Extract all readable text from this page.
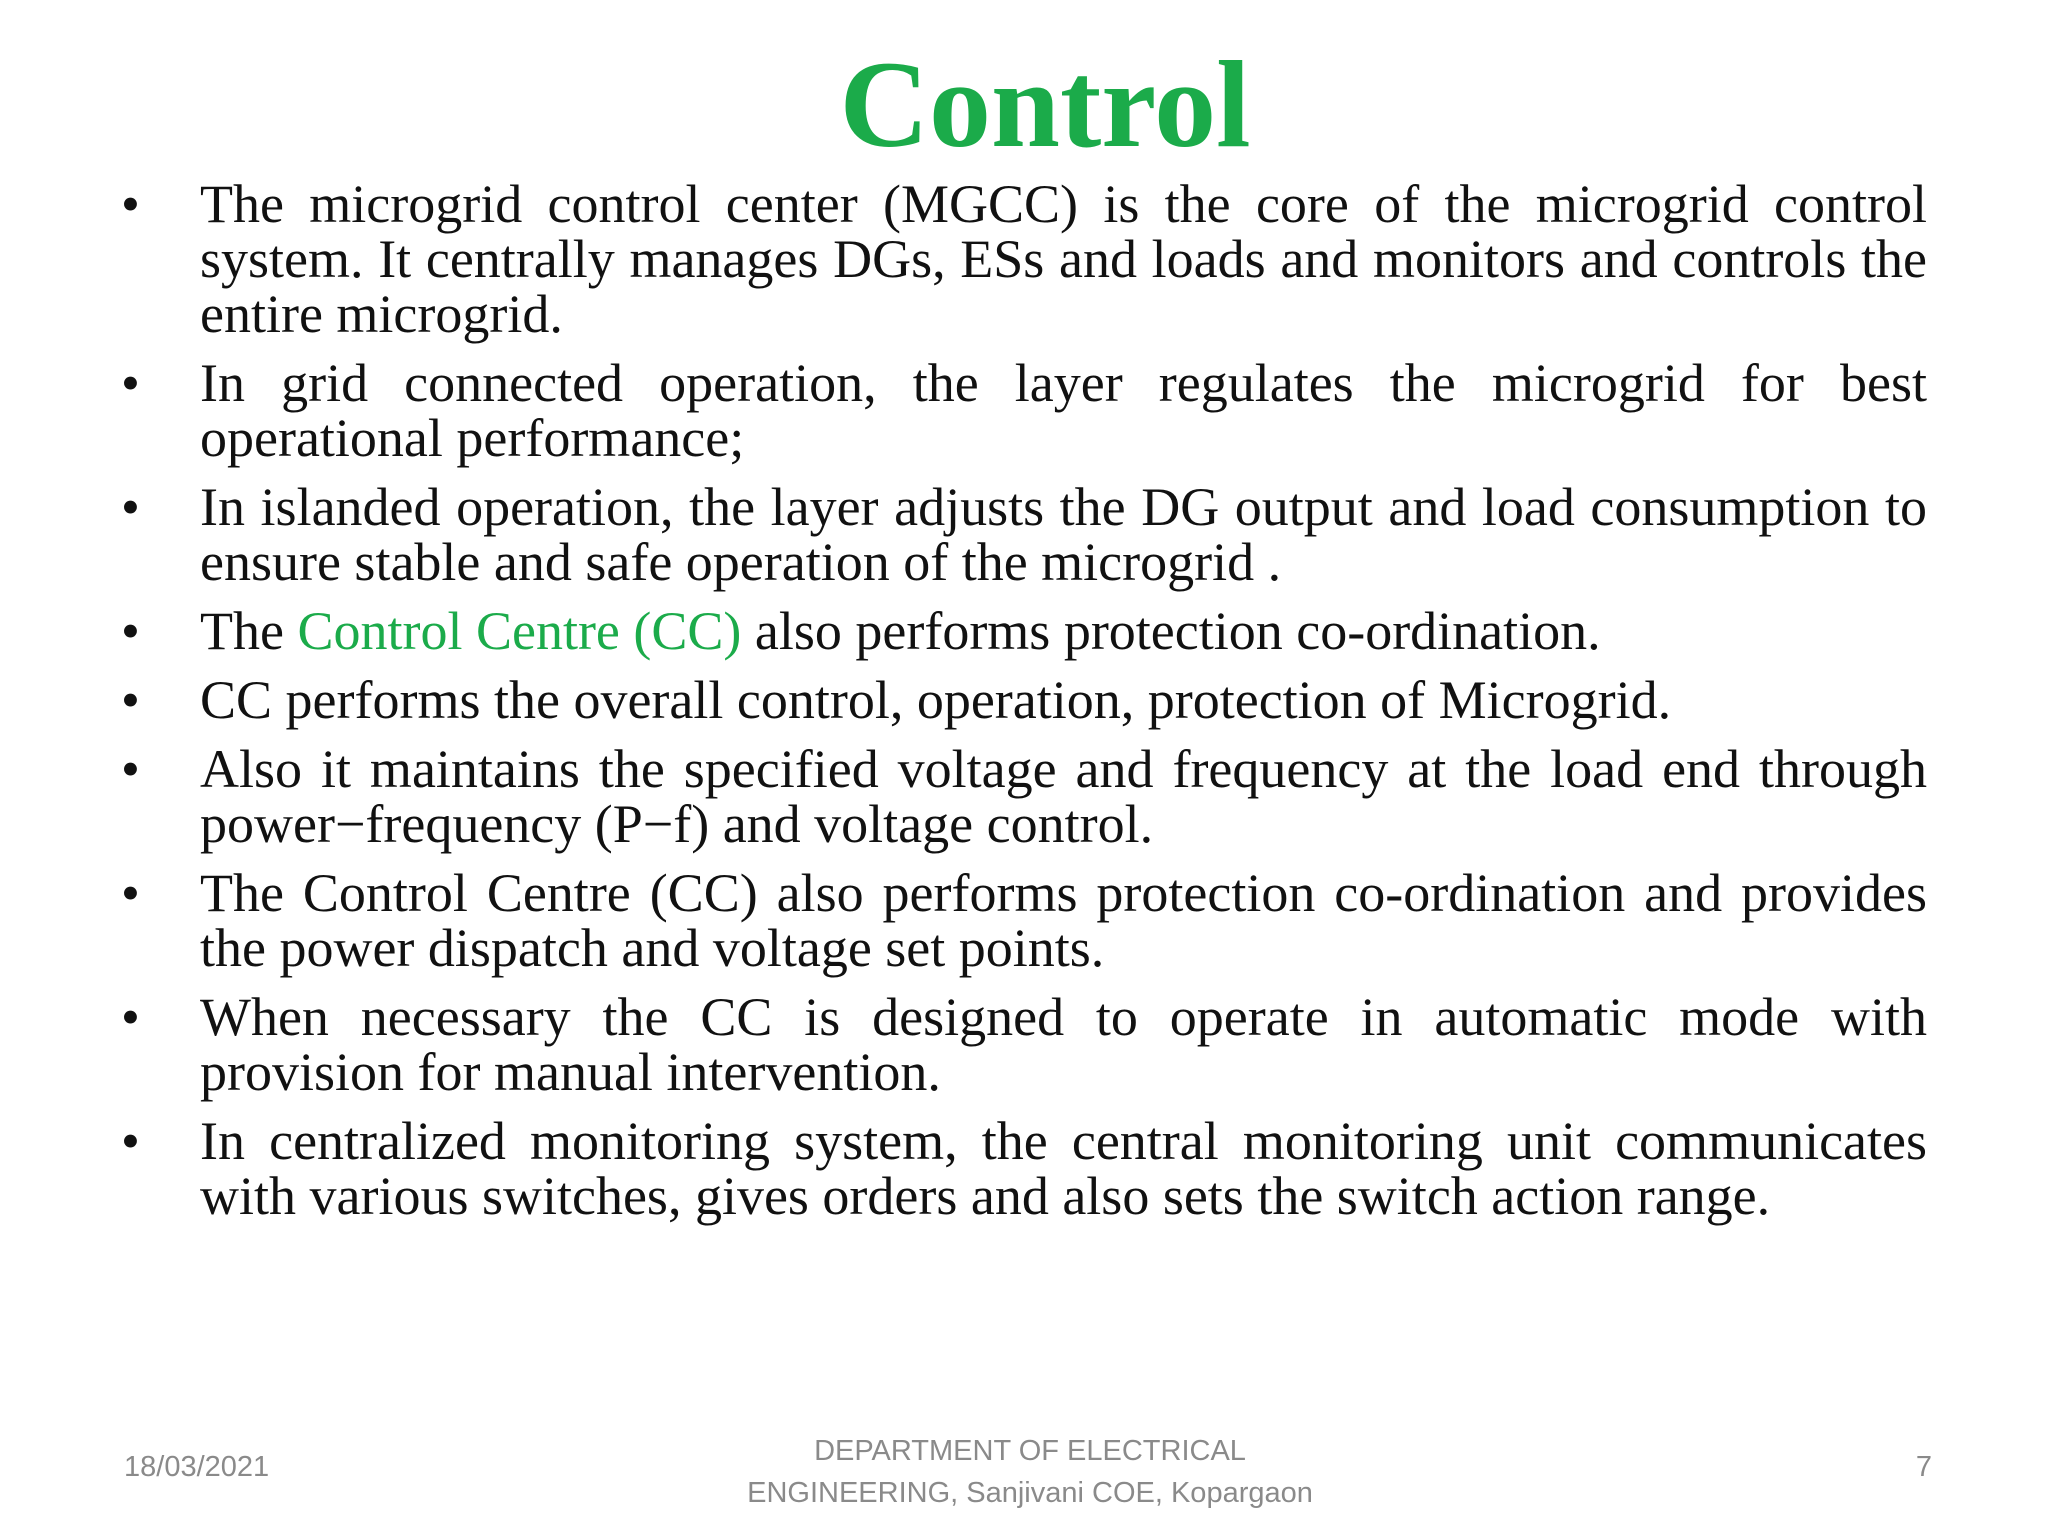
Control
• The microgrid control center (MGCC) is the core of the microgrid control system. It centrally manages DGs, ESs and loads and monitors and controls the entire microgrid.
• In grid connected operation, the layer regulates the microgrid for best operational performance;
• In islanded operation, the layer adjusts the DG output and load consumption to ensure stable and safe operation of the microgrid .
• The Control Centre (CC) also performs protection co-ordination.
• CC performs the overall control, operation, protection of Microgrid.
• Also it maintains the specified voltage and frequency at the load end through power−frequency (P−f) and voltage control.
• The Control Centre (CC) also performs protection co-ordination and provides the power dispatch and voltage set points.
• When necessary the CC is designed to operate in automatic mode with provision for manual intervention.
• In centralized monitoring system, the central monitoring unit communicates with various switches, gives orders and also sets the switch action range.
18/03/2021	DEPARTMENT OF ELECTRICAL
ENGINEERING, Sanjivani COE, Kopargaon
7
